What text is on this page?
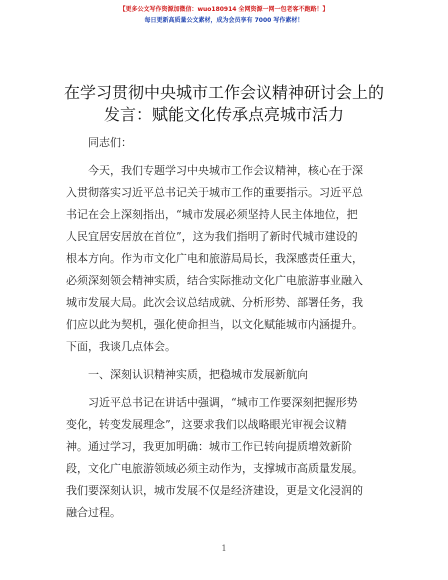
【更多公文写作资源加微信：wuo180914 全网资源一网一包老客不跑路！】
每日更新高质量公文素材，成为会员享有 7000 写作素材！
在学习贯彻中央城市工作会议精神研讨会上的
发言：赋能文化传承点亮城市活力
同志们：
今天，我们专题学习中央城市工作会议精神，核心在于深
入贯彻落实习近平总书记关于城市工作的重要指示。习近平总
书记在会上深刻指出，“城市发展必须坚持人民主体地位，把
人民宜居安居放在首位”，这为我们指明了新时代城市建设的
根本方向。作为市文化广电和旅游局局长，我深感责任重大，
必须深刻领会精神实质，结合实际推动文化广电旅游事业融入
城市发展大局。此次会议总结成就、分析形势、部署任务，我
们应以此为契机，强化使命担当，以文化赋能城市内涵提升。
下面，我谈几点体会。
一、深刻认识精神实质，把稳城市发展新航向
习近平总书记在讲话中强调，“城市工作要深刻把握形势
变化，转变发展理念”，这要求我们以战略眼光审视会议精
神。通过学习，我更加明确：城市工作已转向提质增效新阶
段，文化广电旅游领域必须主动作为，支撑城市高质量发展。
我们要深刻认识，城市发展不仅是经济建设，更是文化浸润的
融合过程。
1
